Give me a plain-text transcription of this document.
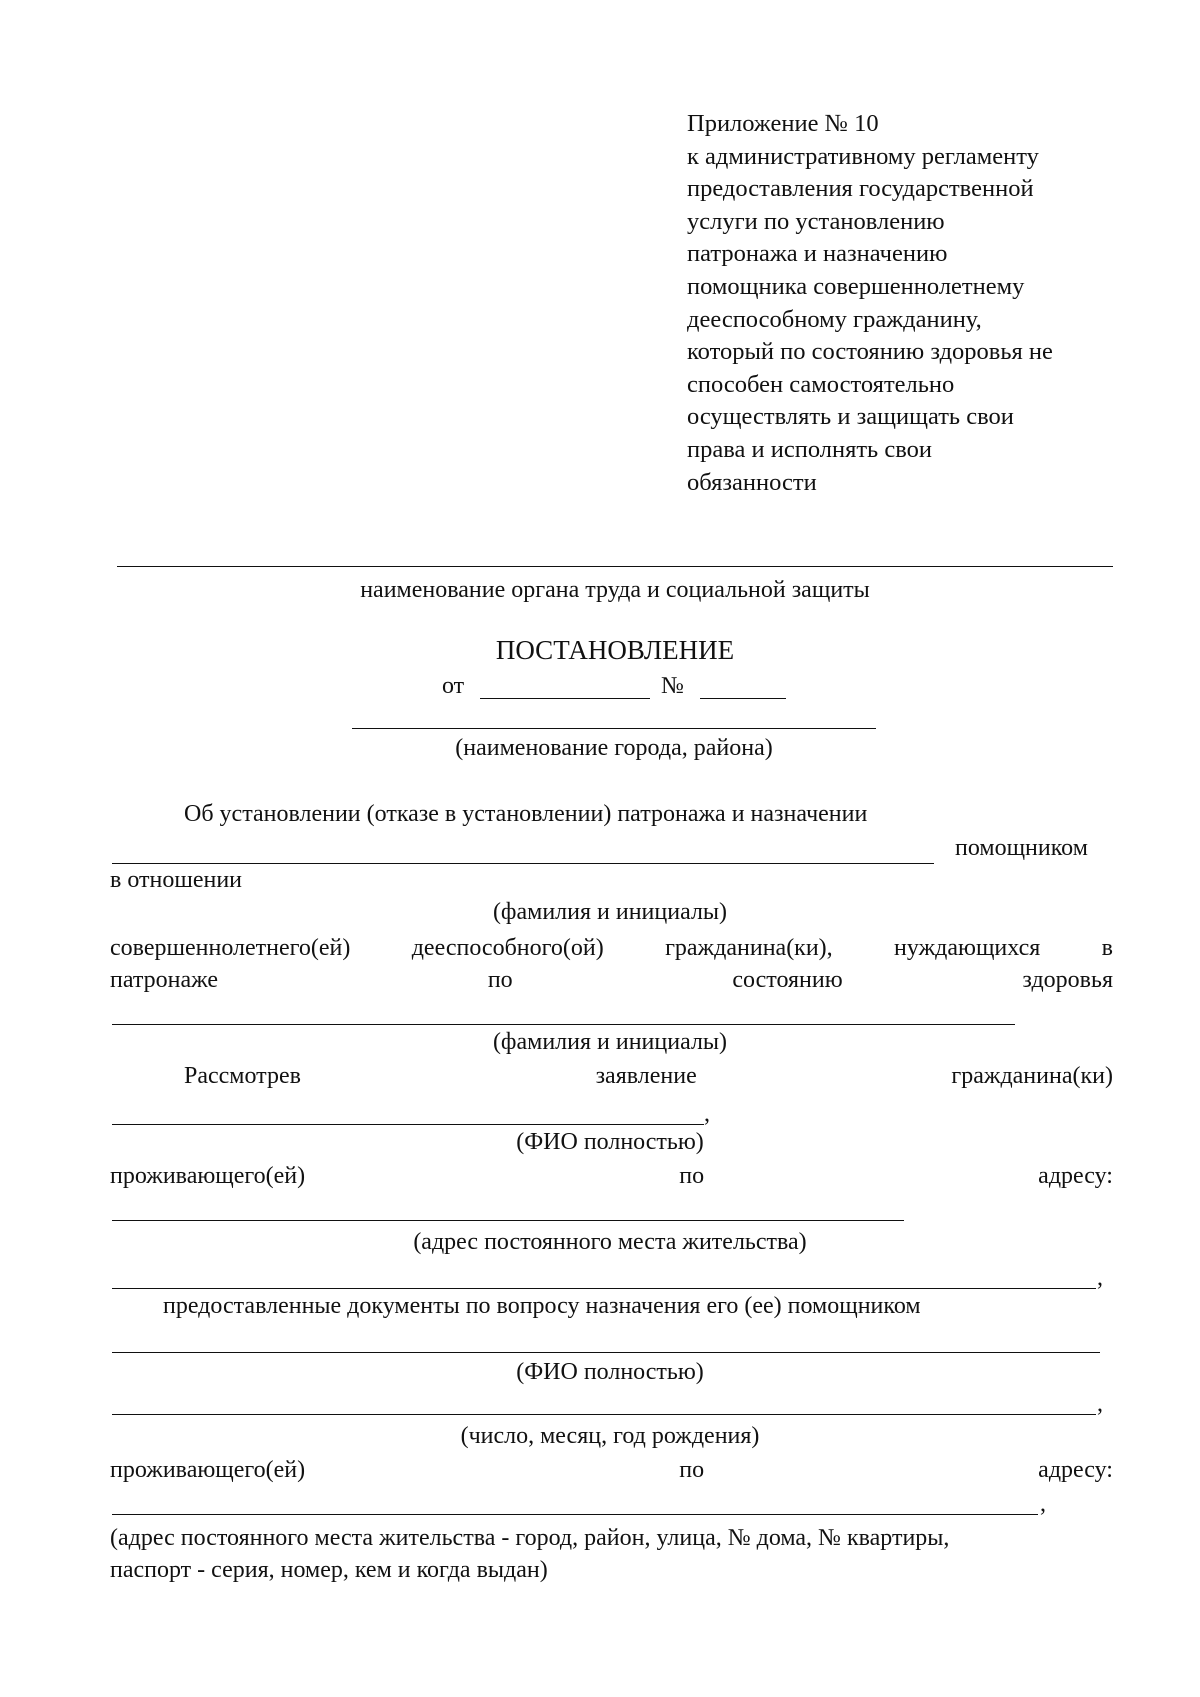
Приложение № 10
к административному регламенту
предоставления государственной
услуги по установлению
патронажа и назначению
помощника совершеннолетнему
дееспособному гражданину,
который по состоянию здоровья не
способен самостоятельно
осуществлять и защищать свои
права и исполнять свои
обязанности
наименование органа труда и социальной защиты
ПОСТАНОВЛЕНИЕ
от	№
(наименование города, района)
Об установлении (отказе в установлении) патронажа и назначении
помощником
в отношении
(фамилия и инициалы)
совершеннолетнего(ей)	дееспособного(ой)	гражданина(ки),	нуждающихся	в
патронаже	по	состоянию	здоровья
(фамилия и инициалы)
Рассмотрев	заявление	гражданина(ки)
,
(ФИО полностью)
проживающего(ей)	по	адресу:
(адрес постоянного места жительства)
,
предоставленные документы по вопросу назначения его (ее) помощником
(ФИО полностью)
,
(число, месяц, год рождения)
проживающего(ей)	по	адресу:
,
(адрес постоянного места жительства - город, район, улица, № дома, № квартиры,
паспорт - серия, номер, кем и когда выдан)
